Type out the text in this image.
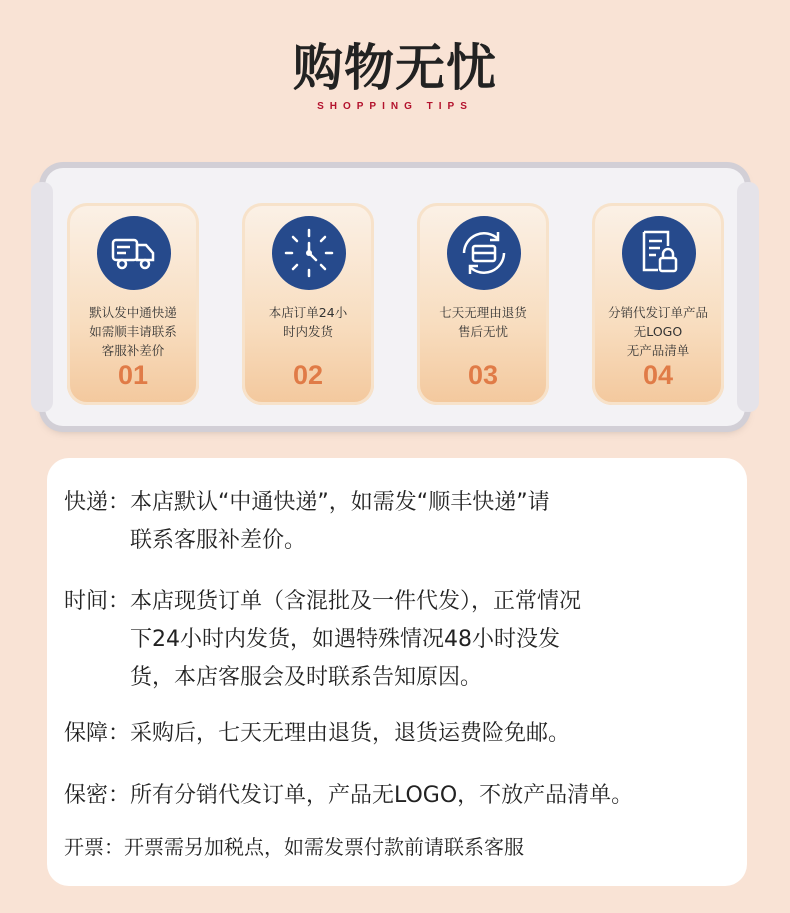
购物无忧
SHOPPING TIPS
默认发中通快递
如需顺丰请联系
客服补差价
01
本店订单24小
时内发货
02
七天无理由退货
售后无忧
03
分销代发订单产品
无LOGO
无产品清单
04
快递： 本店默认“中通快递”，如需发“顺丰快递”请
联系客服补差价。
时间： 本店现货订单（含混批及一件代发），正常情况
下24小时内发货，如遇特殊情况48小时没发
货，本店客服会及时联系告知原因。
保障： 采购后，七天无理由退货，退货运费险免邮。
保密： 所有分销代发订单，产品无LOGO，不放产品清单。
开票： 开票需另加税点，如需发票付款前请联系客服
